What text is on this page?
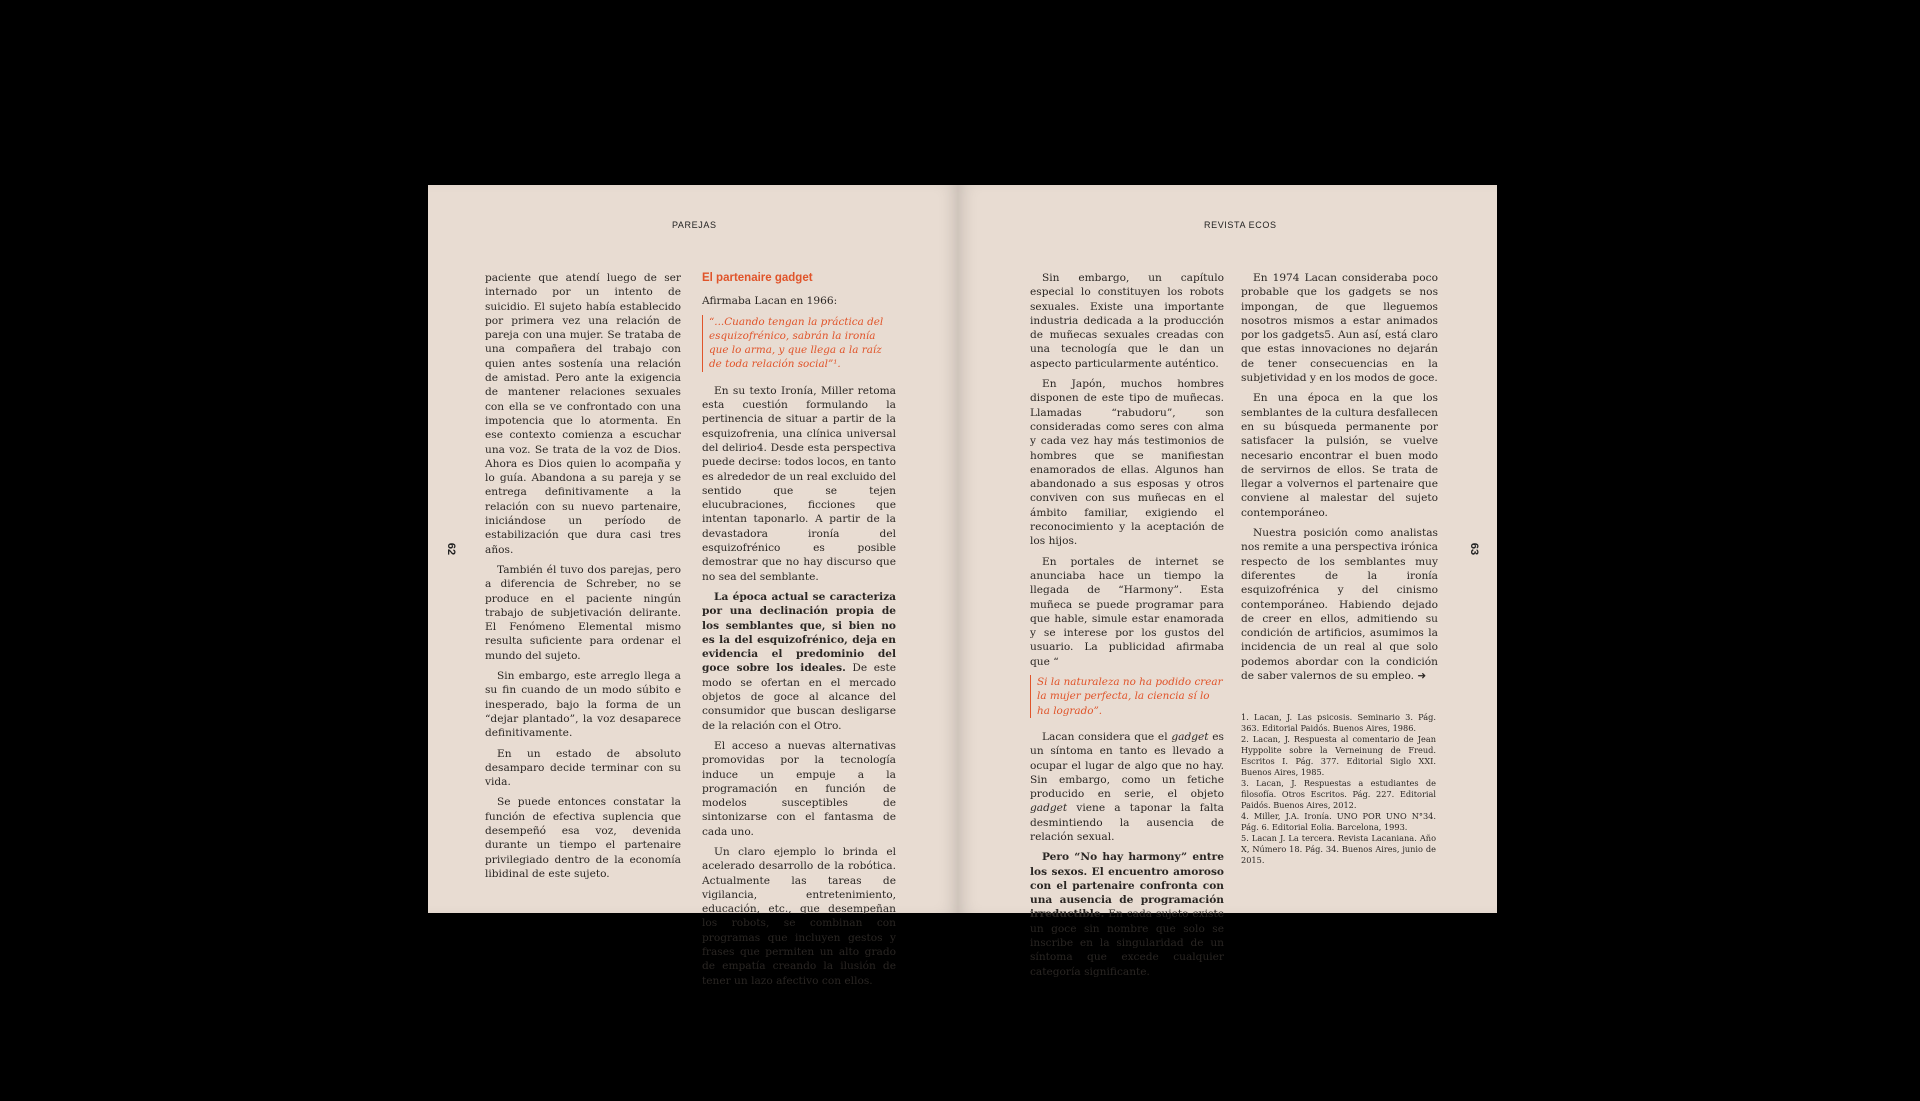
PAREJAS
62

paciente que atendí luego de ser internado por un intento de suicidio. El sujeto había establecido por primera vez una relación de pareja con una mujer. Se trataba de una compañera del trabajo con quien antes sostenía una relación de amistad. Pero ante la exigencia de mantener relaciones sexuales con ella se ve confrontado con una impotencia que lo atormenta. En ese contexto comienza a escuchar una voz. Se trata de la voz de Dios. Ahora es Dios quien lo acompaña y lo guía. Abandona a su pareja y se entrega definitivamente a la relación con su nuevo partenaire, iniciándose un período de estabilización que dura casi tres años.

También él tuvo dos parejas, pero a diferencia de Schreber, no se produce en el paciente ningún trabajo de subjetivación delirante. El Fenómeno Elemental mismo resulta suficiente para ordenar el mundo del sujeto.

Sin embargo, este arreglo llega a su fin cuando de un modo súbito e inesperado, bajo la forma de un “dejar plantado”, la voz desaparece definitivamente.

En un estado de absoluto desamparo decide terminar con su vida.

Se puede entonces constatar la función de efectiva suplencia que desempeñó esa voz, devenida durante un tiempo el partenaire privilegiado dentro de la economía libidinal de este sujeto.

El partenaire gadget

Afirmaba Lacan en 1966:

“...Cuando tengan la práctica del esquizofrénico, sabrán la ironía que lo arma, y que llega a la raíz de toda relación social”¹.

En su texto Ironía, Miller retoma esta cuestión formulando la pertinencia de situar a partir de la esquizofrenia, una clínica universal del delirio4. Desde esta perspectiva puede decirse: todos locos, en tanto es alrededor de un real excluido del sentido que se tejen elucubraciones, ficciones que intentan taponarlo. A partir de la devastadora ironía del esquizofrénico es posible demostrar que no hay discurso que no sea del semblante.

La época actual se caracteriza por una declinación propia de los semblantes que, si bien no es la del esquizofrénico, deja en evidencia el predominio del goce sobre los ideales. De este modo se ofertan en el mercado objetos de goce al alcance del consumidor que buscan desligarse de la relación con el Otro.

El acceso a nuevas alternativas promovidas por la tecnología induce un empuje a la programación en función de modelos susceptibles de sintonizarse con el fantasma de cada uno.

Un claro ejemplo lo brinda el acelerado desarrollo de la robótica. Actualmente las tareas de vigilancia, entretenimiento, educación, etc., que desempeñan los robots, se combinan con programas que incluyen gestos y frases que permiten un alto grado de empatía creando la ilusión de tener un lazo afectivo con ellos.

REVISTA ECOS
63

Sin embargo, un capítulo especial lo constituyen los robots sexuales. Existe una importante industria dedicada a la producción de muñecas sexuales creadas con una tecnología que le dan un aspecto particularmente auténtico.

En Japón, muchos hombres disponen de este tipo de muñecas. Llamadas “rabudoru”, son consideradas como seres con alma y cada vez hay más testimonios de hombres que se manifiestan enamorados de ellas. Algunos han abandonado a sus esposas y otros conviven con sus muñecas en el ámbito familiar, exigiendo el reconocimiento y la aceptación de los hijos.

En portales de internet se anunciaba hace un tiempo la llegada de “Harmony”. Esta muñeca se puede programar para que hable, simule estar enamorada y se interese por los gustos del usuario. La publicidad afirmaba que “

Si la naturaleza no ha podido crear la mujer perfecta, la ciencia sí lo ha logrado”.

Lacan considera que el gadget es un síntoma en tanto es llevado a ocupar el lugar de algo que no hay. Sin embargo, como un fetiche producido en serie, el objeto gadget viene a taponar la falta desmintiendo la ausencia de relación sexual.

Pero “No hay harmony” entre los sexos. El encuentro amoroso con el partenaire confronta con una ausencia de programación irreductible. En cada sujeto existe un goce sin nombre que solo se inscribe en la singularidad de un síntoma que excede cualquier categoría significante.

En 1974 Lacan consideraba poco probable que los gadgets se nos impongan, de que lleguemos nosotros mismos a estar animados por los gadgets5. Aun así, está claro que estas innovaciones no dejarán de tener consecuencias en la subjetividad y en los modos de goce.

En una época en la que los semblantes de la cultura desfallecen en su búsqueda permanente por satisfacer la pulsión, se vuelve necesario encontrar el buen modo de servirnos de ellos. Se trata de llegar a volvernos el partenaire que conviene al malestar del sujeto contemporáneo.

Nuestra posición como analistas nos remite a una perspectiva irónica respecto de los semblantes muy diferentes de la ironía esquizofrénica y del cinismo contemporáneo. Habiendo dejado de creer en ellos, admitiendo su condición de artificios, asumimos la incidencia de un real al que solo podemos abordar con la condición de saber valernos de su empleo. ➜

1. Lacan, J. Las psicosis. Seminario 3. Pág. 363. Editorial Paidós. Buenos Aires, 1986.

2. Lacan, J. Respuesta al comentario de Jean Hyppolite sobre la Verneinung de Freud. Escritos I. Pág. 377. Editorial Siglo XXI. Buenos Aires, 1985.

3. Lacan, J. Respuestas a estudiantes de filosofía. Otros Escritos. Pág. 227. Editorial Paidós. Buenos Aires, 2012.

4. Miller, J.A. Ironía. UNO POR UNO N°34. Pág. 6. Editorial Eolia. Barcelona, 1993.

5. Lacan J. La tercera. Revista Lacaniana. Año X, Número 18. Pág. 34. Buenos Aires, junio de 2015.
